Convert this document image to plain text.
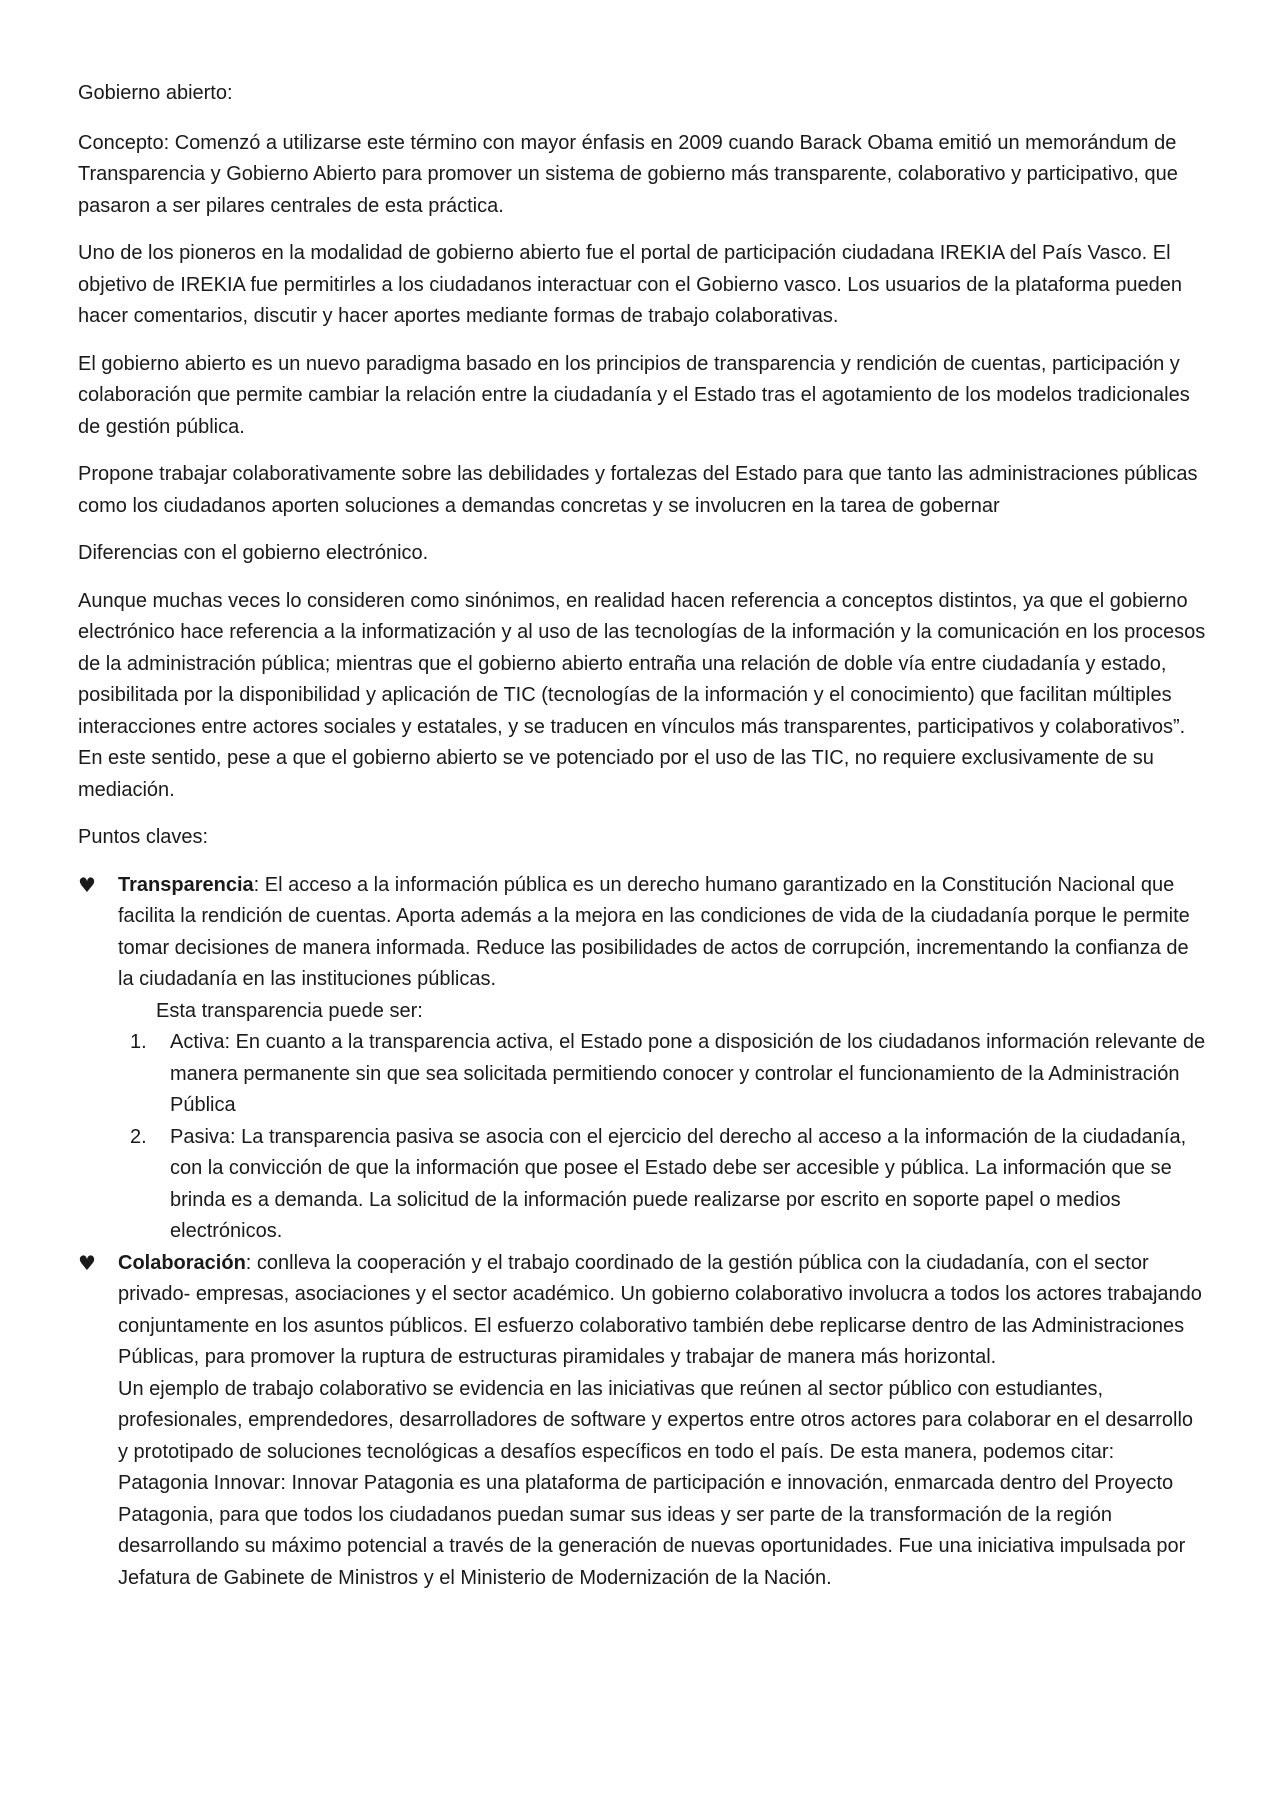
Gobierno abierto:

Concepto: Comenzó a utilizarse este término con mayor énfasis en 2009 cuando Barack Obama emitió un memorándum de Transparencia y Gobierno Abierto para promover un sistema de gobierno más transparente, colaborativo y participativo, que pasaron a ser pilares centrales de esta práctica.

Uno de los pioneros en la modalidad de gobierno abierto fue el portal de participación ciudadana IREKIA del País Vasco. El objetivo de IREKIA fue permitirles a los ciudadanos interactuar con el Gobierno vasco. Los usuarios de la plataforma pueden hacer comentarios, discutir y hacer aportes mediante formas de trabajo colaborativas.

El gobierno abierto es un nuevo paradigma basado en los principios de transparencia y rendición de cuentas, participación y colaboración que permite cambiar la relación entre la ciudadanía y el Estado tras el agotamiento de los modelos tradicionales de gestión pública.

Propone trabajar colaborativamente sobre las debilidades y fortalezas del Estado para que tanto las administraciones públicas como los ciudadanos aporten soluciones a demandas concretas y se involucren en la tarea de gobernar

Diferencias con el gobierno electrónico.

Aunque muchas veces lo consideren como sinónimos, en realidad hacen referencia a conceptos distintos, ya que el gobierno electrónico hace referencia a la informatización y al uso de las tecnologías de la información y la comunicación en los procesos de la administración pública; mientras que el gobierno abierto entraña una relación de doble vía entre ciudadanía y estado, posibilitada por la disponibilidad y aplicación de TIC (tecnologías de la información y el conocimiento) que facilitan múltiples interacciones entre actores sociales y estatales, y se traducen en vínculos más transparentes, participativos y colaborativos”. En este sentido, pese a que el gobierno abierto se ve potenciado por el uso de las TIC, no requiere exclusivamente de su mediación.

Puntos claves:

♥ Transparencia: El acceso a la información pública es un derecho humano garantizado en la Constitución Nacional que facilita la rendición de cuentas. Aporta además a la mejora en las condiciones de vida de la ciudadanía porque le permite tomar decisiones de manera informada. Reduce las posibilidades de actos de corrupción, incrementando la confianza de la ciudadanía en las instituciones públicas.
Esta transparencia puede ser:
1. Activa: En cuanto a la transparencia activa, el Estado pone a disposición de los ciudadanos información relevante de manera permanente sin que sea solicitada permitiendo conocer y controlar el funcionamiento de la Administración Pública
2. Pasiva: La transparencia pasiva se asocia con el ejercicio del derecho al acceso a la información de la ciudadanía, con la convicción de que la información que posee el Estado debe ser accesible y pública. La información que se brinda es a demanda. La solicitud de la información puede realizarse por escrito en soporte papel o medios electrónicos.
♥ Colaboración: conlleva la cooperación y el trabajo coordinado de la gestión pública con la ciudadanía, con el sector privado- empresas, asociaciones y el sector académico. Un gobierno colaborativo involucra a todos los actores trabajando conjuntamente en los asuntos públicos. El esfuerzo colaborativo también debe replicarse dentro de las Administraciones Públicas, para promover la ruptura de estructuras piramidales y trabajar de manera más horizontal.
Un ejemplo de trabajo colaborativo se evidencia en las iniciativas que reúnen al sector público con estudiantes, profesionales, emprendedores, desarrolladores de software y expertos entre otros actores para colaborar en el desarrollo y prototipado de soluciones tecnológicas a desafíos específicos en todo el país. De esta manera, podemos citar:
Patagonia Innovar: Innovar Patagonia es una plataforma de participación e innovación, enmarcada dentro del Proyecto Patagonia, para que todos los ciudadanos puedan sumar sus ideas y ser parte de la transformación de la región desarrollando su máximo potencial a través de la generación de nuevas oportunidades. Fue una iniciativa impulsada por Jefatura de Gabinete de Ministros y el Ministerio de Modernización de la Nación.
